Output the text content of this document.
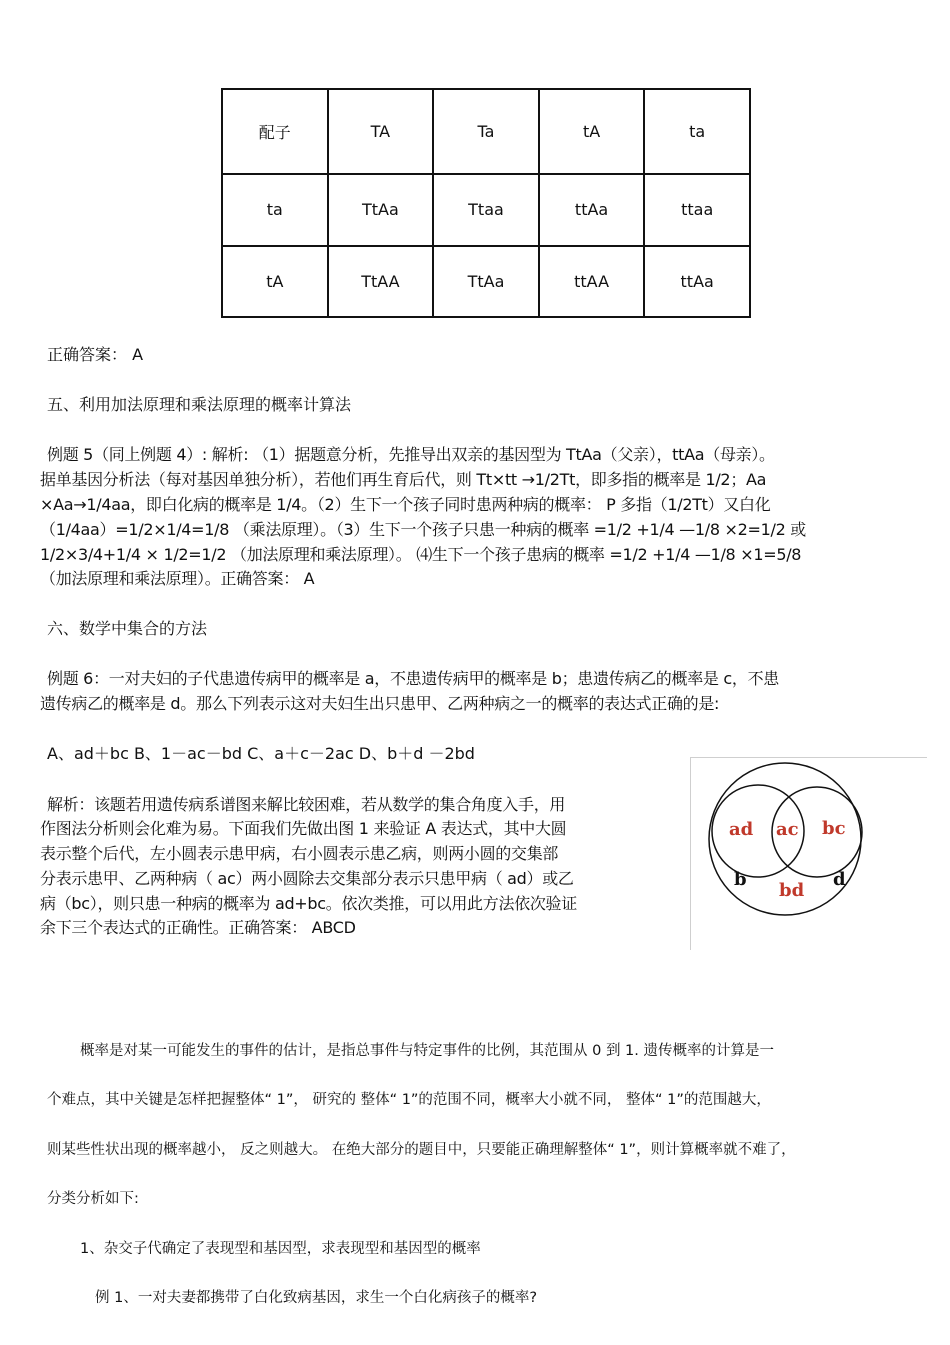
配子	TA	Ta	tA	ta
ta	TtAa	Ttaa	ttAa	ttaa
tA	TtAA	TtAa	ttAA	ttAa
正确答案： A
五、利用加法原理和乘法原理的概率计算法
例题 5（同上例题 4）: 解析: （1）据题意分析，先推导出双亲的基因型为 TtAa（父亲），ttAa（母亲）。
据单基因分析法（每对基因单独分析），若他们再生育后代，则 Tt×tt →1/2Tt，即多指的概率是 1/2；Aa
×Aa→1/4aa，即白化病的概率是 1/4。（2）生下一个孩子同时患两种病的概率： P 多指（1/2Tt）又白化
（1/4aa）=1/2×1/4=1/8 （乘法原理）。（3）生下一个孩子只患一种病的概率 =1/2 +1/4 —1/8 ×2=1/2 或
1/2×3/4+1/4 × 1/2=1/2 （加法原理和乘法原理）。 ⑷生下一个孩子患病的概率 =1/2 +1/4 —1/8 ×1=5/8
（加法原理和乘法原理）。正确答案： A
六、数学中集合的方法
例题 6：一对夫妇的子代患遗传病甲的概率是 a，不患遗传病甲的概率是 b；患遗传病乙的概率是 c，不患
遗传病乙的概率是 d。那么下列表示这对夫妇生出只患甲、乙两种病之一的概率的表达式正确的是:
A、ad＋bc B、1－ac－bd C、a＋c－2ac D、b＋d －2bd
解析：该题若用遗传病系谱图来解比较困难，若从数学的集合角度入手，用
作图法分析则会化难为易。下面我们先做出图 1 来验证 A 表达式，其中大圆
表示整个后代，左小圆表示患甲病，右小圆表示患乙病，则两小圆的交集部
分表示患甲、乙两种病（ ac）两小圆除去交集部分表示只患甲病（ ad）或乙
病（bc），则只患一种病的概率为 ad+bc。依次类推，可以用此方法依次验证
余下三个表达式的正确性。正确答案： ABCD
ad ac bc
b
bd
d
概率是对某一可能发生的事件的估计，是指总事件与特定事件的比例，其范围从 0 到 1. 遗传概率的计算是一
个难点，其中关键是怎样把握整体“ 1”， 研究的 整体“ 1”的范围不同，概率大小就不同， 整体“ 1”的范围越大，
则某些性状出现的概率越小， 反之则越大。 在绝大部分的题目中，只要能正确理解整体“ 1”，则计算概率就不难了，
分类分析如下:
1、杂交子代确定了表现型和基因型，求表现型和基因型的概率
例 1、一对夫妻都携带了白化致病基因，求生一个白化病孩子的概率?
